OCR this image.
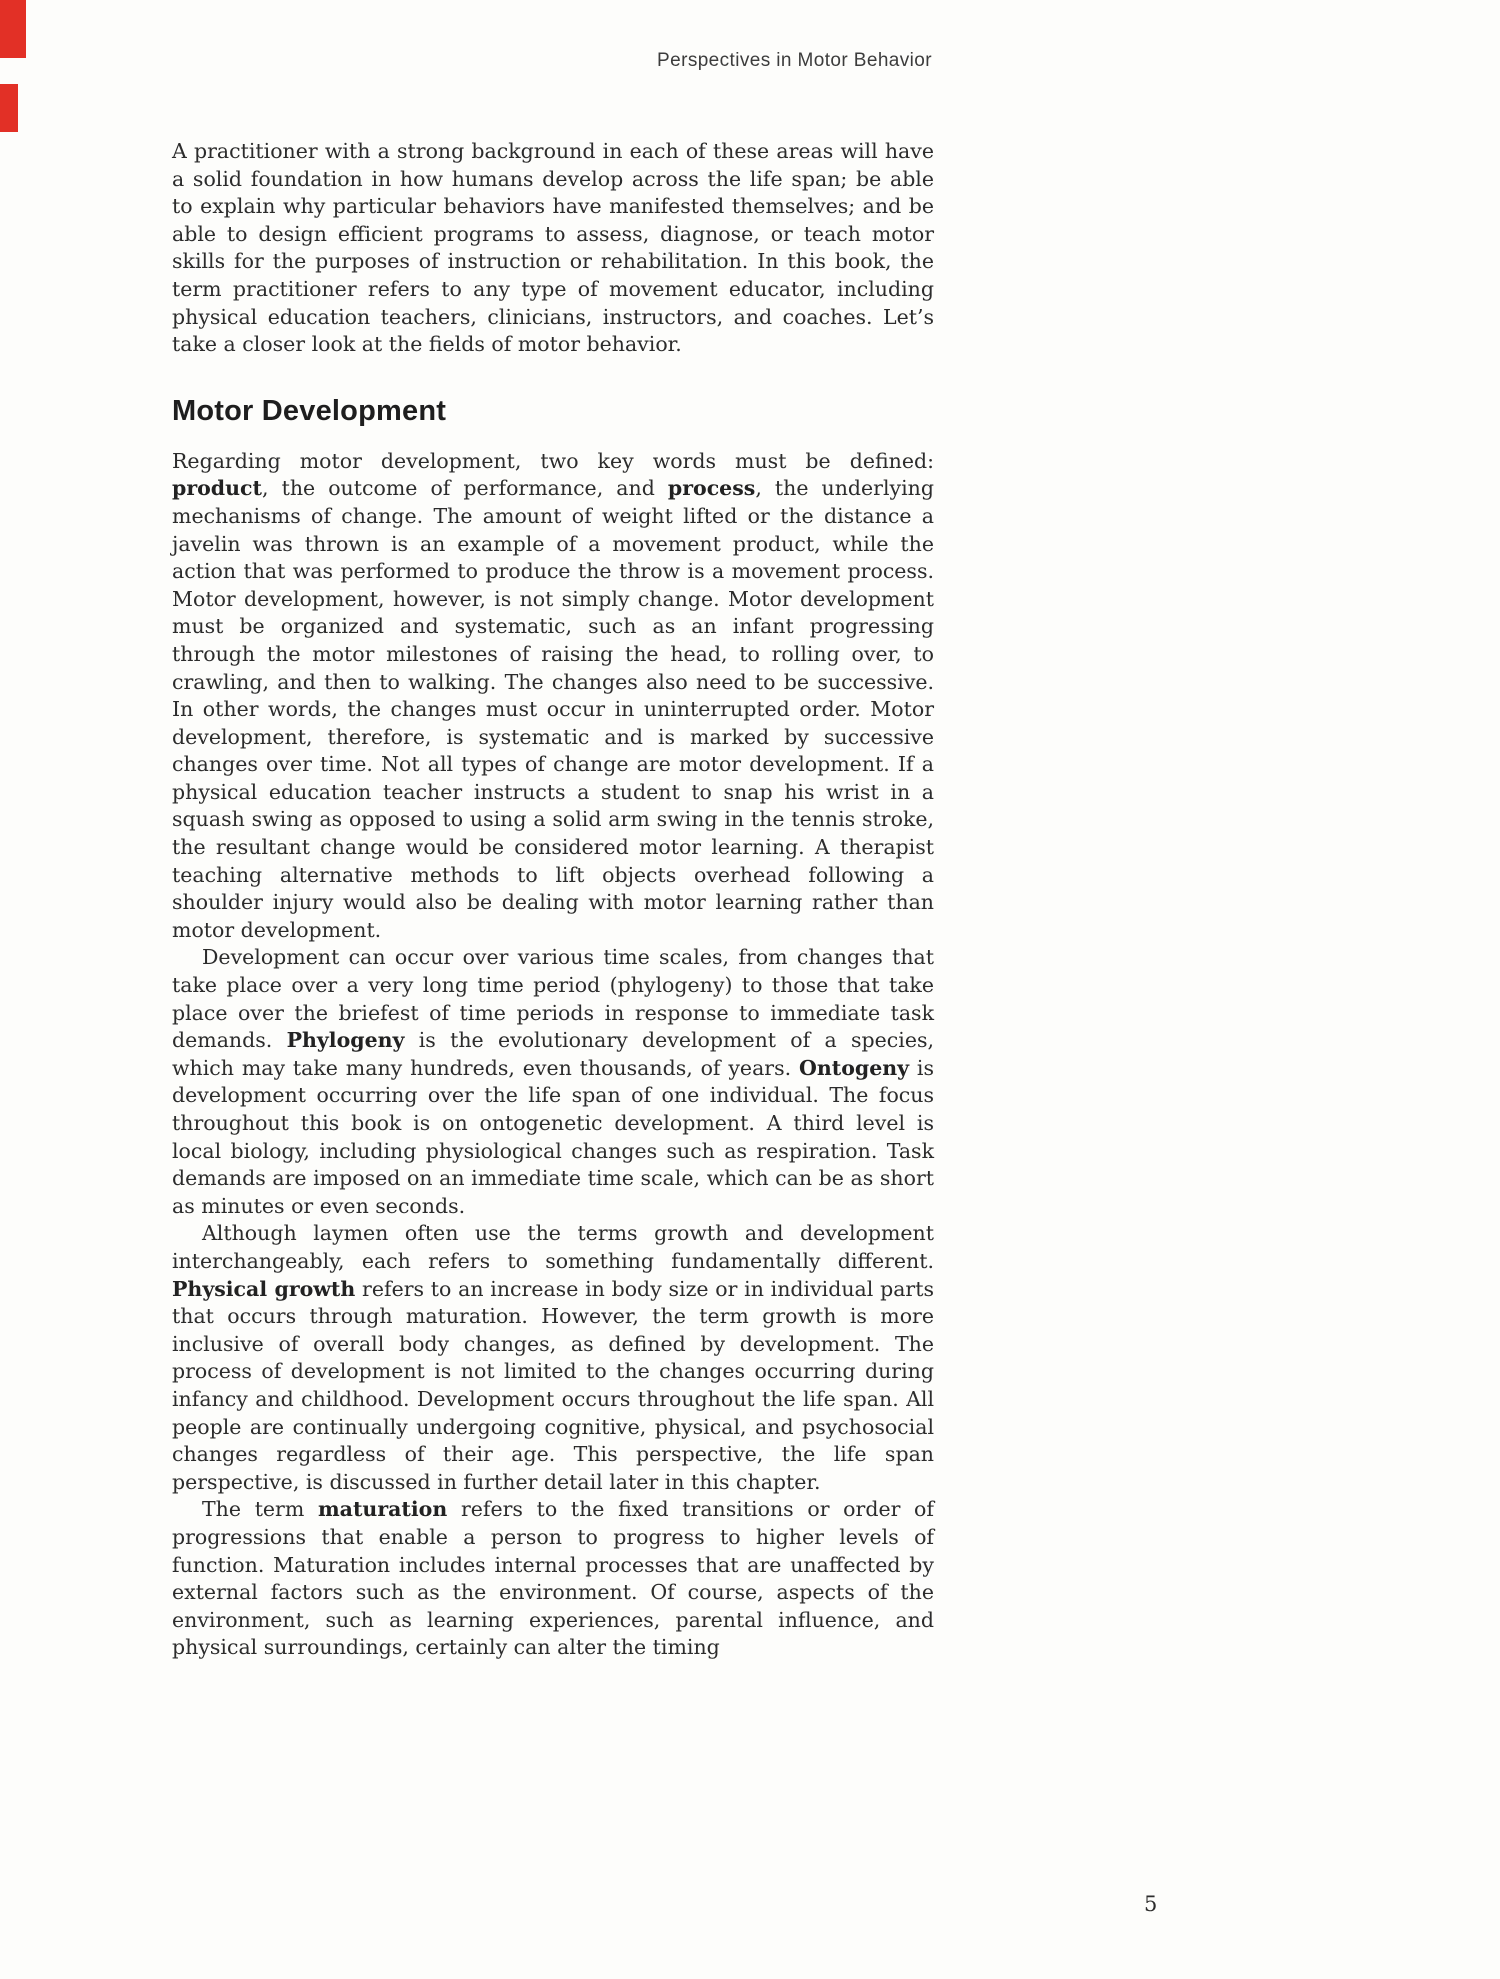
Perspectives in Motor Behavior

A practitioner with a strong background in each of these areas will have a solid foundation in how humans develop across the life span; be able to explain why particular behaviors have manifested themselves; and be able to design efficient programs to assess, diagnose, or teach motor skills for the purposes of instruction or rehabilitation. In this book, the term practitioner refers to any type of movement educator, including physical education teachers, clinicians, instructors, and coaches. Let’s take a closer look at the fields of motor behavior.

Motor Development

Regarding motor development, two key words must be defined: product, the outcome of performance, and process, the underlying mechanisms of change. The amount of weight lifted or the distance a javelin was thrown is an example of a movement product, while the action that was performed to produce the throw is a movement process. Motor development, however, is not simply change. Motor development must be organized and systematic, such as an infant progressing through the motor milestones of raising the head, to rolling over, to crawling, and then to walking. The changes also need to be successive. In other words, the changes must occur in uninterrupted order. Motor development, therefore, is systematic and is marked by successive changes over time. Not all types of change are motor development. If a physical education teacher instructs a student to snap his wrist in a squash swing as opposed to using a solid arm swing in the tennis stroke, the resultant change would be considered motor learning. A therapist teaching alternative methods to lift objects overhead following a shoulder injury would also be dealing with motor learning rather than motor development.

Development can occur over various time scales, from changes that take place over a very long time period (phylogeny) to those that take place over the briefest of time periods in response to immediate task demands. Phylogeny is the evolutionary development of a species, which may take many hundreds, even thousands, of years. Ontogeny is development occurring over the life span of one individual. The focus throughout this book is on ontogenetic development. A third level is local biology, including physiological changes such as respiration. Task demands are imposed on an immediate time scale, which can be as short as minutes or even seconds.

Although laymen often use the terms growth and development interchangeably, each refers to something fundamentally different. Physical growth refers to an increase in body size or in individual parts that occurs through maturation. However, the term growth is more inclusive of overall body changes, as defined by development. The process of development is not limited to the changes occurring during infancy and childhood. Development occurs throughout the life span. All people are continually undergoing cognitive, physical, and psychosocial changes regardless of their age. This perspective, the life span perspective, is discussed in further detail later in this chapter.

The term maturation refers to the fixed transitions or order of progressions that enable a person to progress to higher levels of function. Maturation includes internal processes that are unaffected by external factors such as the environment. Of course, aspects of the environment, such as learning experiences, parental influence, and physical surroundings, certainly can alter the timing

5
